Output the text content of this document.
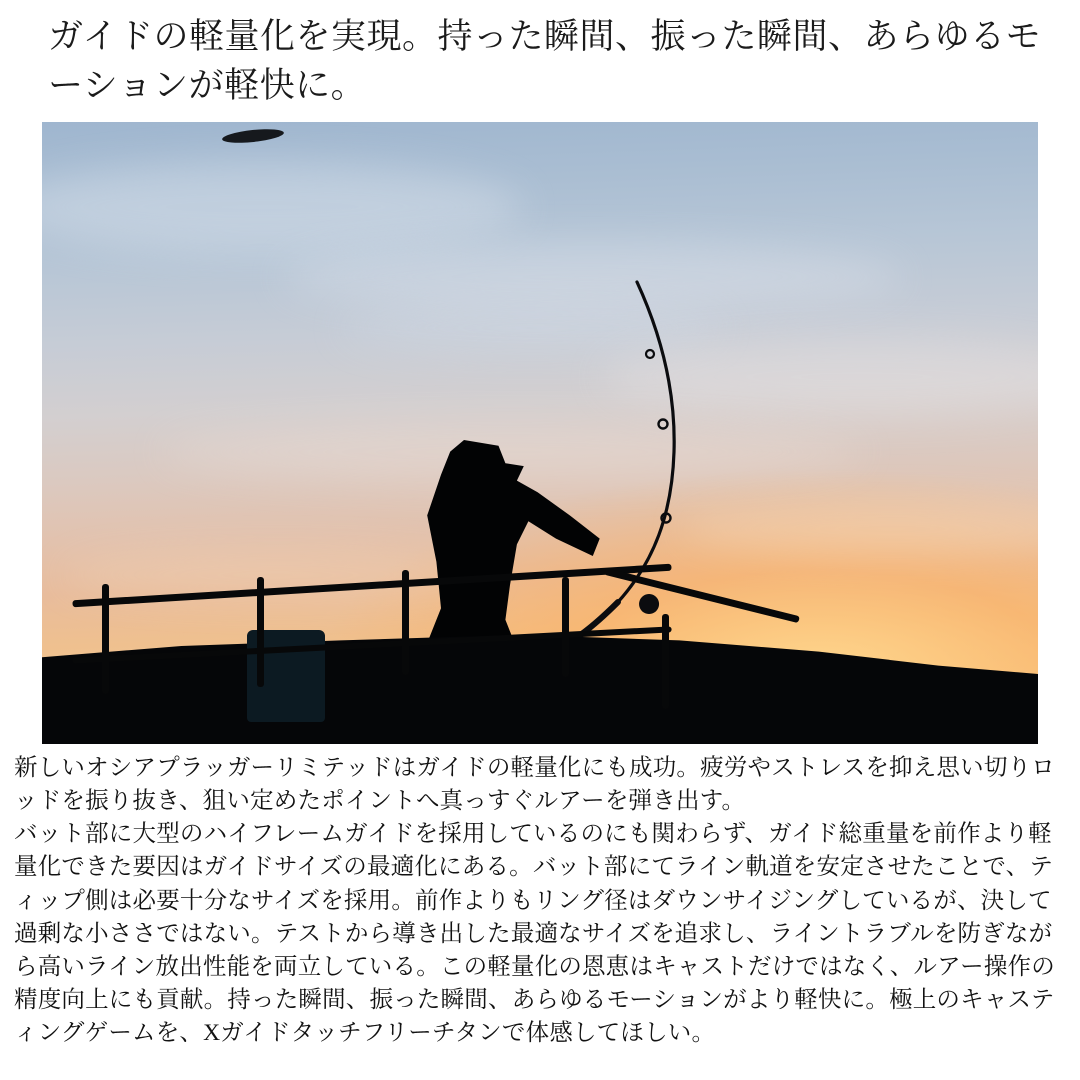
ガイドの軽量化を実現。持った瞬間、振った瞬間、あらゆるモーションが軽快に。

新しいオシアプラッガーリミテッドはガイドの軽量化にも成功。疲労やストレスを抑え思い切りロッドを振り抜き、狙い定めたポイントへ真っすぐルアーを弾き出す。

バット部に大型のハイフレームガイドを採用しているのにも関わらず、ガイド総重量を前作より軽量化できた要因はガイドサイズの最適化にある。バット部にてライン軌道を安定させたことで、ティップ側は必要十分なサイズを採用。前作よりもリング径はダウンサイジングしているが、決して過剰な小ささではない。テストから導き出した最適なサイズを追求し、ライントラブルを防ぎながら高いライン放出性能を両立している。この軽量化の恩恵はキャストだけではなく、ルアー操作の精度向上にも貢献。持った瞬間、振った瞬間、あらゆるモーションがより軽快に。極上のキャスティングゲームを、Xガイドタッチフリーチタンで体感してほしい。
